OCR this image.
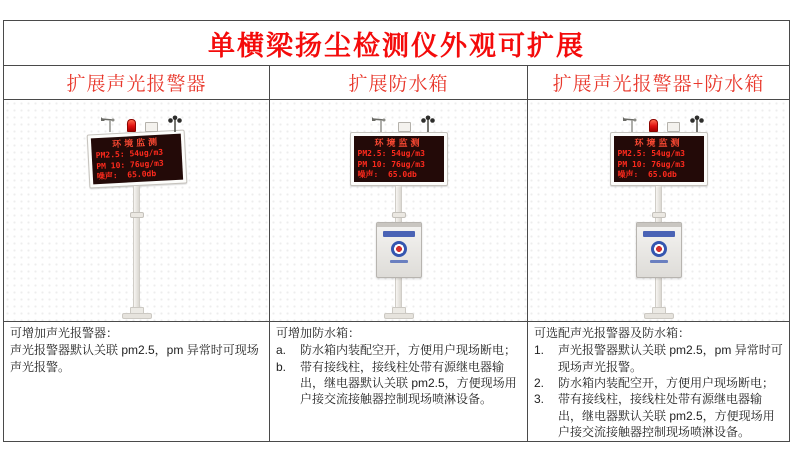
单横梁扬尘检测仪外观可扩展
扩展声光报警器	扩展防水箱	扩展声光报警器+防水箱
环境监测
PM2.5: 54ug/m3
PM 10: 76ug/m3
噪声:  65.0db
环境监测
PM2.5: 54ug/m3
PM 10: 76ug/m3
噪声:  65.0db
环境监测
PM2.5: 54ug/m3
PM 10: 76ug/m3
噪声:  65.0db

可增加声光报警器：

声光报警器默认关联 pm2.5，pm 异常时可现场声光报警。

可增加防水箱：

a.	防水箱内装配空开，方便用户现场断电；
b.	带有接线柱，接线柱处带有源继电器输出，继电器默认关联 pm2.5，方便现场用户接交流接触器控制现场喷淋设备。

可选配声光报警器及防水箱：

1.	声光报警器默认关联 pm2.5，pm 异常时可现场声光报警。
2.	防水箱内装配空开，方便用户现场断电；
3.	带有接线柱，接线柱处带有源继电器输出，继电器默认关联 pm2.5，方便现场用户接交流接触器控制现场喷淋设备。
